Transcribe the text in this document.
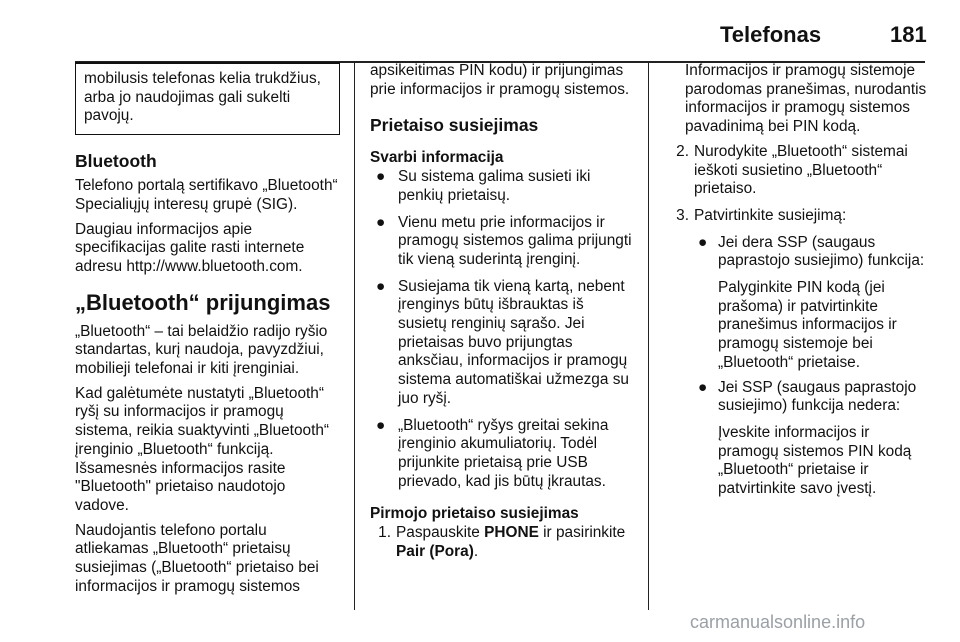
Telefonas	181
mobilusis telefonas kelia trukdžius, arba jo naudojimas gali sukelti pavojų.
Bluetooth

Telefono portalą sertifikavo „Bluetooth“ Specialiųjų interesų grupė (SIG).

Daugiau informacijos apie specifikacijas galite rasti internete adresu http://www.bluetooth.com.

„Bluetooth“ prijungimas

„Bluetooth“ – tai belaidžio radijo ryšio standartas, kurį naudoja, pavyzdžiui, mobilieji telefonai ir kiti įrenginiai.

Kad galėtumėte nustatyti „Bluetooth“ ryšį su informacijos ir pramogų sistema, reikia suaktyvinti „Bluetooth“ įrenginio „Bluetooth“ funkciją. Išsamesnės informacijos rasite "Bluetooth" prietaiso naudotojo vadove.

Naudojantis telefono portalu atliekamas „Bluetooth“ prietaisų susiejimas („Bluetooth“ prietaiso bei informacijos ir pramogų sistemos

apsikeitimas PIN kodu) ir prijungimas prie informacijos ir pramogų sistemos.

Prietaiso susiejimas
Svarbi informacija
● Su sistema galima susieti iki penkių prietaisų.
● Vienu metu prie informacijos ir pramogų sistemos galima prijungti tik vieną suderintą įrenginį.
● Susiejama tik vieną kartą, nebent įrenginys būtų išbrauktas iš susietų renginių sąrašo. Jei prietaisas buvo prijungtas anksčiau, informacijos ir pramogų sistema automatiškai užmezga su juo ryšį.
● „Bluetooth“ ryšys greitai sekina įrenginio akumuliatorių. Todėl prijunkite prietaisą prie USB prievado, kad jis būtų įkrautas.
Pirmojo prietaiso susiejimas
1. Paspauskite PHONE ir pasirinkite Pair (Pora).

Informacijos ir pramogų sistemoje parodomas pranešimas, nurodantis informacijos ir pramogų sistemos pavadinimą bei PIN kodą.

2. Nurodykite „Bluetooth“ sistemai ieškoti susietino „Bluetooth“ prietaiso.
3. Patvirtinkite susiejimą:
● Jei dera SSP (saugaus paprastojo susiejimo) funkcija:

Palyginkite PIN kodą (jei prašoma) ir patvirtinkite pranešimus informacijos ir pramogų sistemoje bei „Bluetooth“ prietaise.

● Jei SSP (saugaus paprastojo susiejimo) funkcija nedera:

Įveskite informacijos ir pramogų sistemos PIN kodą „Bluetooth“ prietaise ir patvirtinkite savo įvestį.

carmanualsonline.info
